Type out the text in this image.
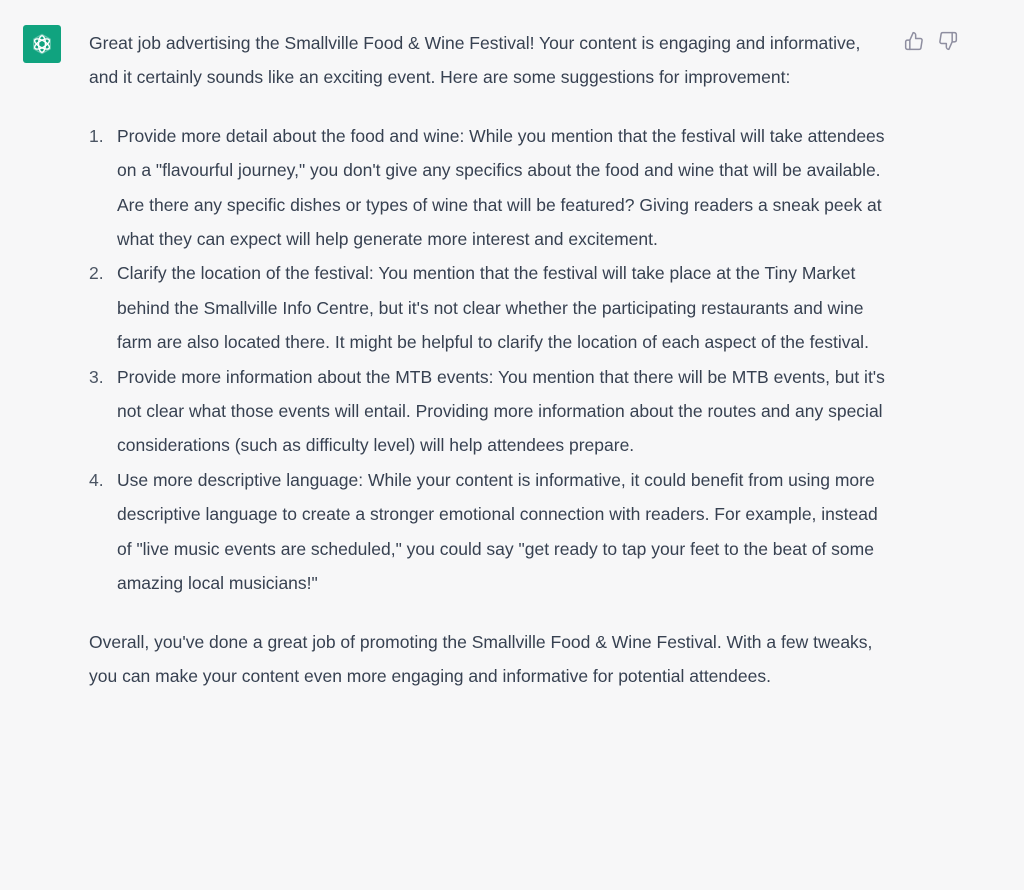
Great job advertising the Smallville Food & Wine Festival! Your content is engaging and informative, and it certainly sounds like an exciting event. Here are some suggestions for improvement:

1. Provide more detail about the food and wine: While you mention that the festival will take attendees on a "flavourful journey," you don't give any specifics about the food and wine that will be available. Are there any specific dishes or types of wine that will be featured? Giving readers a sneak peek at what they can expect will help generate more interest and excitement.
2. Clarify the location of the festival: You mention that the festival will take place at the Tiny Market behind the Smallville Info Centre, but it's not clear whether the participating restaurants and wine farm are also located there. It might be helpful to clarify the location of each aspect of the festival.
3. Provide more information about the MTB events: You mention that there will be MTB events, but it's not clear what those events will entail. Providing more information about the routes and any special considerations (such as difficulty level) will help attendees prepare.
4. Use more descriptive language: While your content is informative, it could benefit from using more descriptive language to create a stronger emotional connection with readers. For example, instead of "live music events are scheduled," you could say "get ready to tap your feet to the beat of some amazing local musicians!"

Overall, you've done a great job of promoting the Smallville Food & Wine Festival. With a few tweaks, you can make your content even more engaging and informative for potential attendees.
